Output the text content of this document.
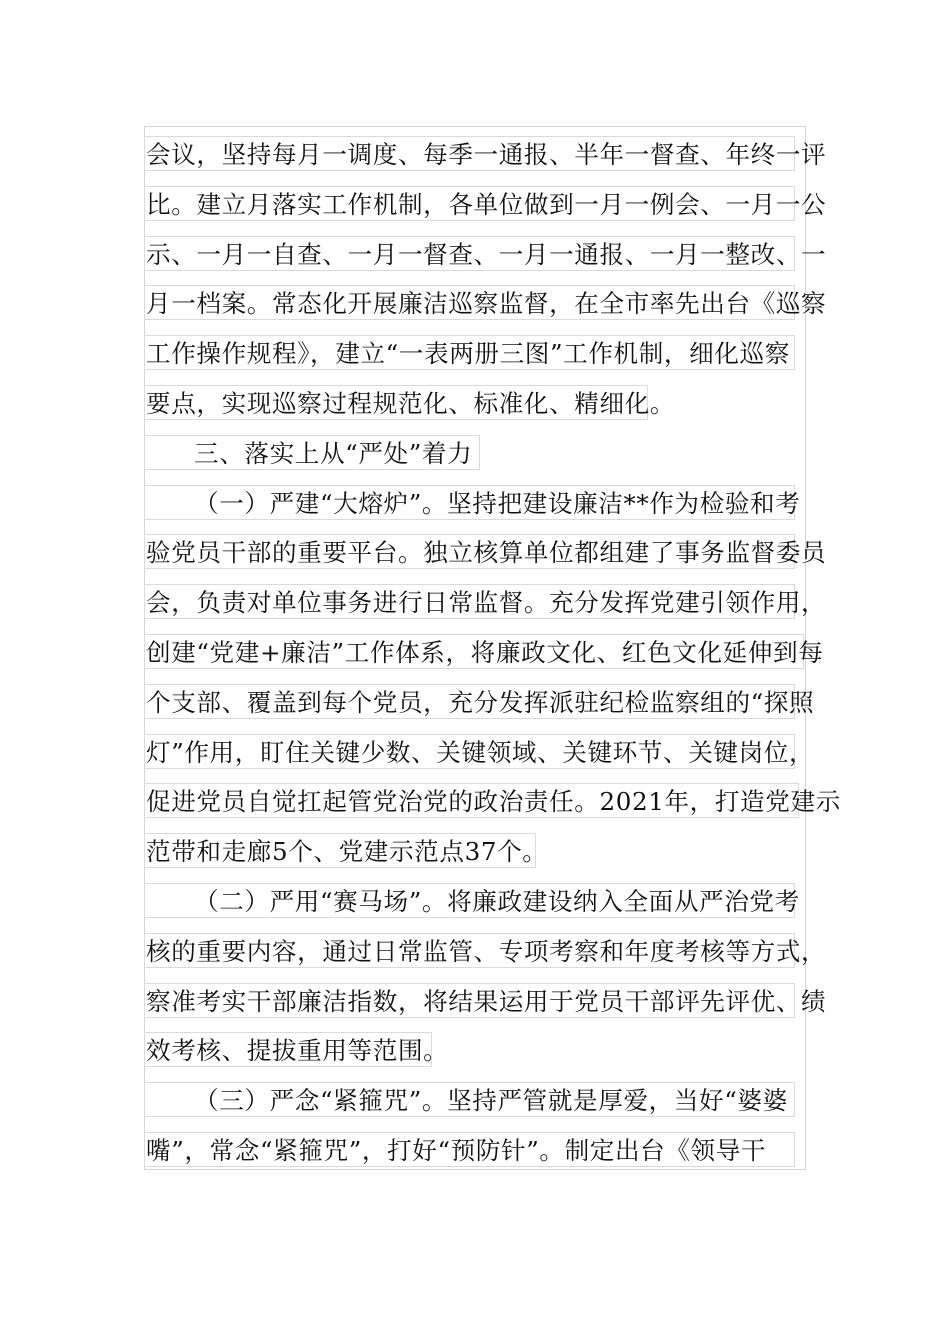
会议，坚持每月一调度、每季一通报、半年一督查、年终一评
比。建立月落实工作机制，各单位做到一月一例会、一月一公
示、一月一自查、一月一督查、一月一通报、一月一整改、一
月一档案。常态化开展廉洁巡察监督，在全市率先出台《巡察
工作操作规程》，建立“一表两册三图”工作机制，细化巡察
要点，实现巡察过程规范化、标准化、精细化。
三、落实上从“严处”着力
（一）严建“大熔炉”。坚持把建设廉洁**作为检验和考
验党员干部的重要平台。独立核算单位都组建了事务监督委员
会，负责对单位事务进行日常监督。充分发挥党建引领作用，
创建“党建+廉洁”工作体系，将廉政文化、红色文化延伸到每
个支部、覆盖到每个党员，充分发挥派驻纪检监察组的“探照
灯”作用，盯住关键少数、关键领域、关键环节、关键岗位，
促进党员自觉扛起管党治党的政治责任。2021年，打造党建示
范带和走廊5个、党建示范点37个。
（二）严用“赛马场”。将廉政建设纳入全面从严治党考
核的重要内容，通过日常监管、专项考察和年度考核等方式，
察准考实干部廉洁指数，将结果运用于党员干部评先评优、绩
效考核、提拔重用等范围。
（三）严念“紧箍咒”。坚持严管就是厚爱，当好“婆婆
嘴”，常念“紧箍咒”，打好“预防针”。制定出台《领导干
